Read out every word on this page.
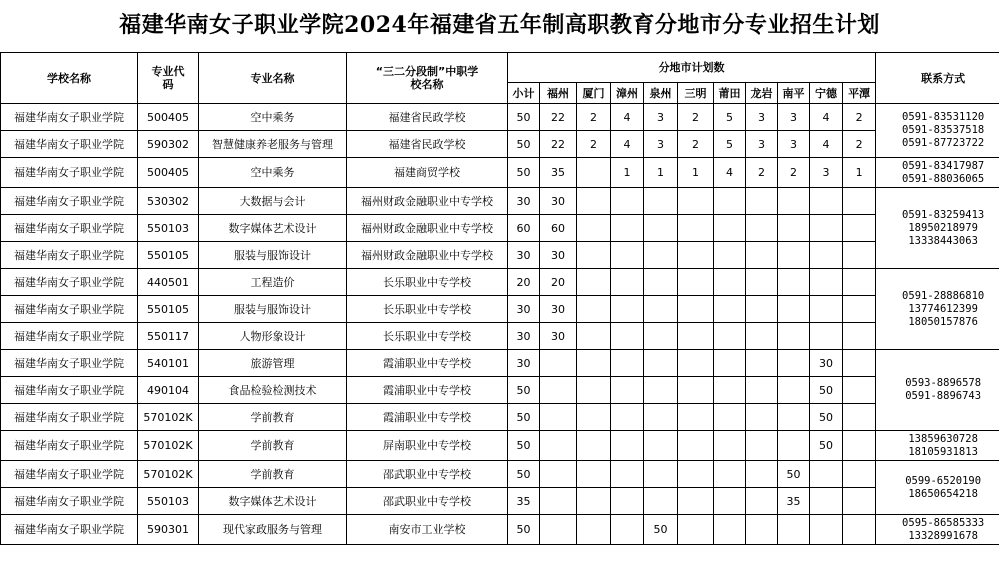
福建华南女子职业学院2024年福建省五年制高职教育分地市分专业招生计划
学校名称	专业代码	专业名称	“三二分段制”中职学校名称	分地市计划数											联系方式
				小计	福州	厦门	漳州	泉州	三明	莆田	龙岩	南平	宁德	平潭	
福建华南女子职业学院	500405	空中乘务	福建省民政学校	50	22	2	4	3	2	5	3	3	4	2	0591-83531120
0591-83537518
0591-87723722

福建华南女子职业学院	590302	智慧健康养老服务与管理	福建省民政学校	50	22	2	4	3	2	5	3	3	4	2	
福建华南女子职业学院	500405	空中乘务	福建商贸学校	50	35		1	1	1	4	2	2	3	1	0591-83417987
0591-88036065

福建华南女子职业学院	530302	大数据与会计	福州财政金融职业中专学校	30	30										0591-83259413
18950218979
13338443063

福建华南女子职业学院	550103	数字媒体艺术设计	福州财政金融职业中专学校	60	60										
福建华南女子职业学院	550105	服装与服饰设计	福州财政金融职业中专学校	30	30										
福建华南女子职业学院	440501	工程造价	长乐职业中专学校	20	20										0591-28886810
13774612399
18050157876

福建华南女子职业学院	550105	服装与服饰设计	长乐职业中专学校	30	30										
福建华南女子职业学院	550117	人物形象设计	长乐职业中专学校	30	30										
福建华南女子职业学院	540101	旅游管理	霞浦职业中专学校	30									30		0593-8896578
0591-8896743

福建华南女子职业学院	490104	食品检验检测技术	霞浦职业中专学校	50									50		
福建华南女子职业学院	570102K	学前教育	霞浦职业中专学校	50									50		
福建华南女子职业学院	570102K	学前教育	屏南职业中专学校	50									50		13859630728
18105931813

福建华南女子职业学院	570102K	学前教育	邵武职业中专学校	50								50			0599-6520190
18650654218

福建华南女子职业学院	550103	数字媒体艺术设计	邵武职业中专学校	35								35			
福建华南女子职业学院	590301	现代家政服务与管理	南安市工业学校	50				50							0595-86585333
13328991678
